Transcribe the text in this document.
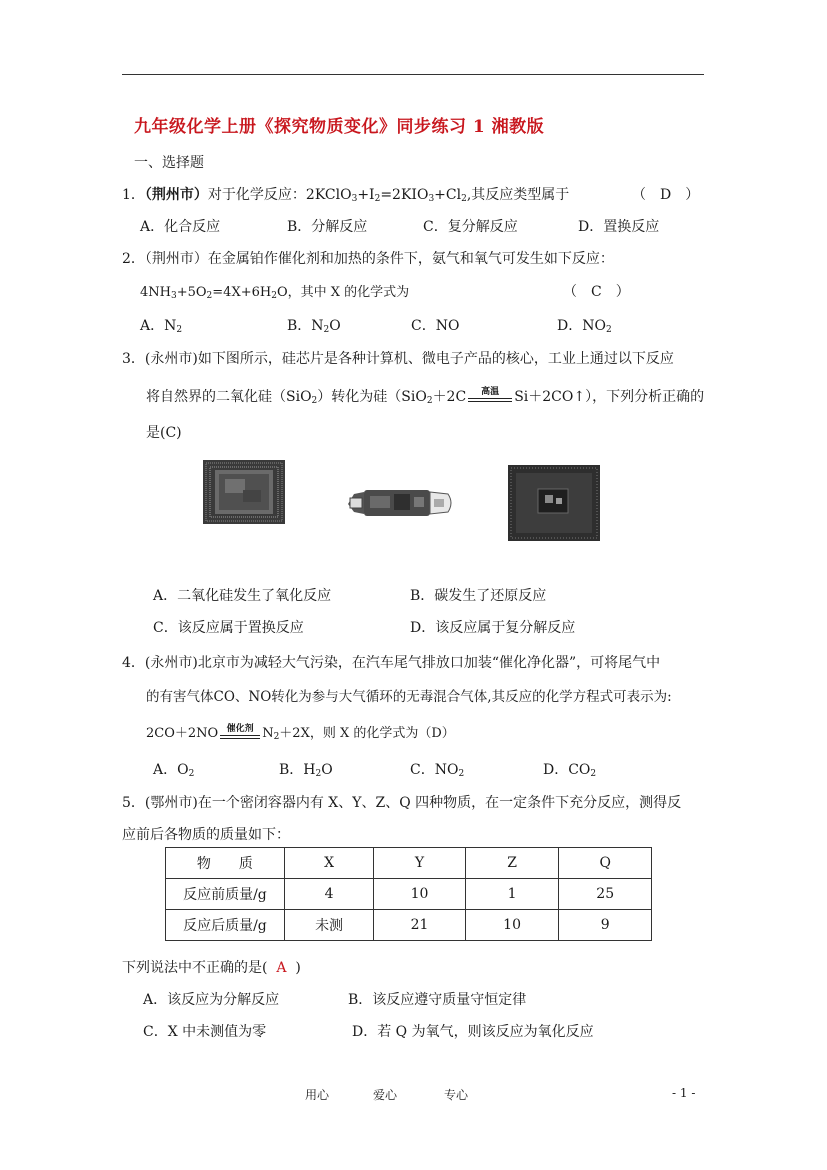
九年级化学上册《探究物质变化》同步练习 1 湘教版
一、选择题
1．（荆州市）对于化学反应：$2KClO_3+I_2=2KIO_3+Cl_2$,其反应类型属于	（　D　）
A．化合反应	B．分解反应	C．复分解反应	D．置换反应
2．（荆州市）在金属铂作催化剂和加热的条件下，氨气和氧气可发生如下反应：
$4NH_3+5O_2=4X+6H_2O$，其中 X 的化学式为	（　C　）
A．$N_2$	B．$N_2O$	C．NO	D．$NO_2$
3．(永州市)如下图所示，硅芯片是各种计算机、微电子产品的核心，工业上通过以下反应
将自然界的二氧化硅（SiO$_2$）转化为硅（SiO$_2$＋2C	高温	Si＋2CO↑），下列分析正确的
是(C)
A．二氧化硅发生了氧化反应	B．碳发生了还原反应
C．该反应属于置换反应	D．该反应属于复分解反应
4．(永州市)北京市为减轻大气污染，在汽车尾气排放口加装“催化净化器”，可将尾气中
的有害气体CO、NO转化为参与大气循环的无毒混合气体,其反应的化学方程式可表示为:
2CO＋2NO 催化剂 $N_2+2X$，则 X 的化学式为（D）
A．$O_2$	B．$H_2O$	C．$NO_2$	D．$CO_2$
5．(鄂州市)在一个密闭容器内有 X、Y、Z、Q 四种物质，在一定条件下充分反应，测得反
应前后各物质的质量如下：
物　　质	X	Y	Z	Q
反应前质量/g	4	10	1	25
反应后质量/g	未测	21	10	9
下列说法中不正确的是( A )
A．该反应为分解反应	B．该反应遵守质量守恒定律
C．X 中未测值为零	D．若 Q 为氧气，则该反应为氧化反应
用心	爱心	专心	- 1 -
